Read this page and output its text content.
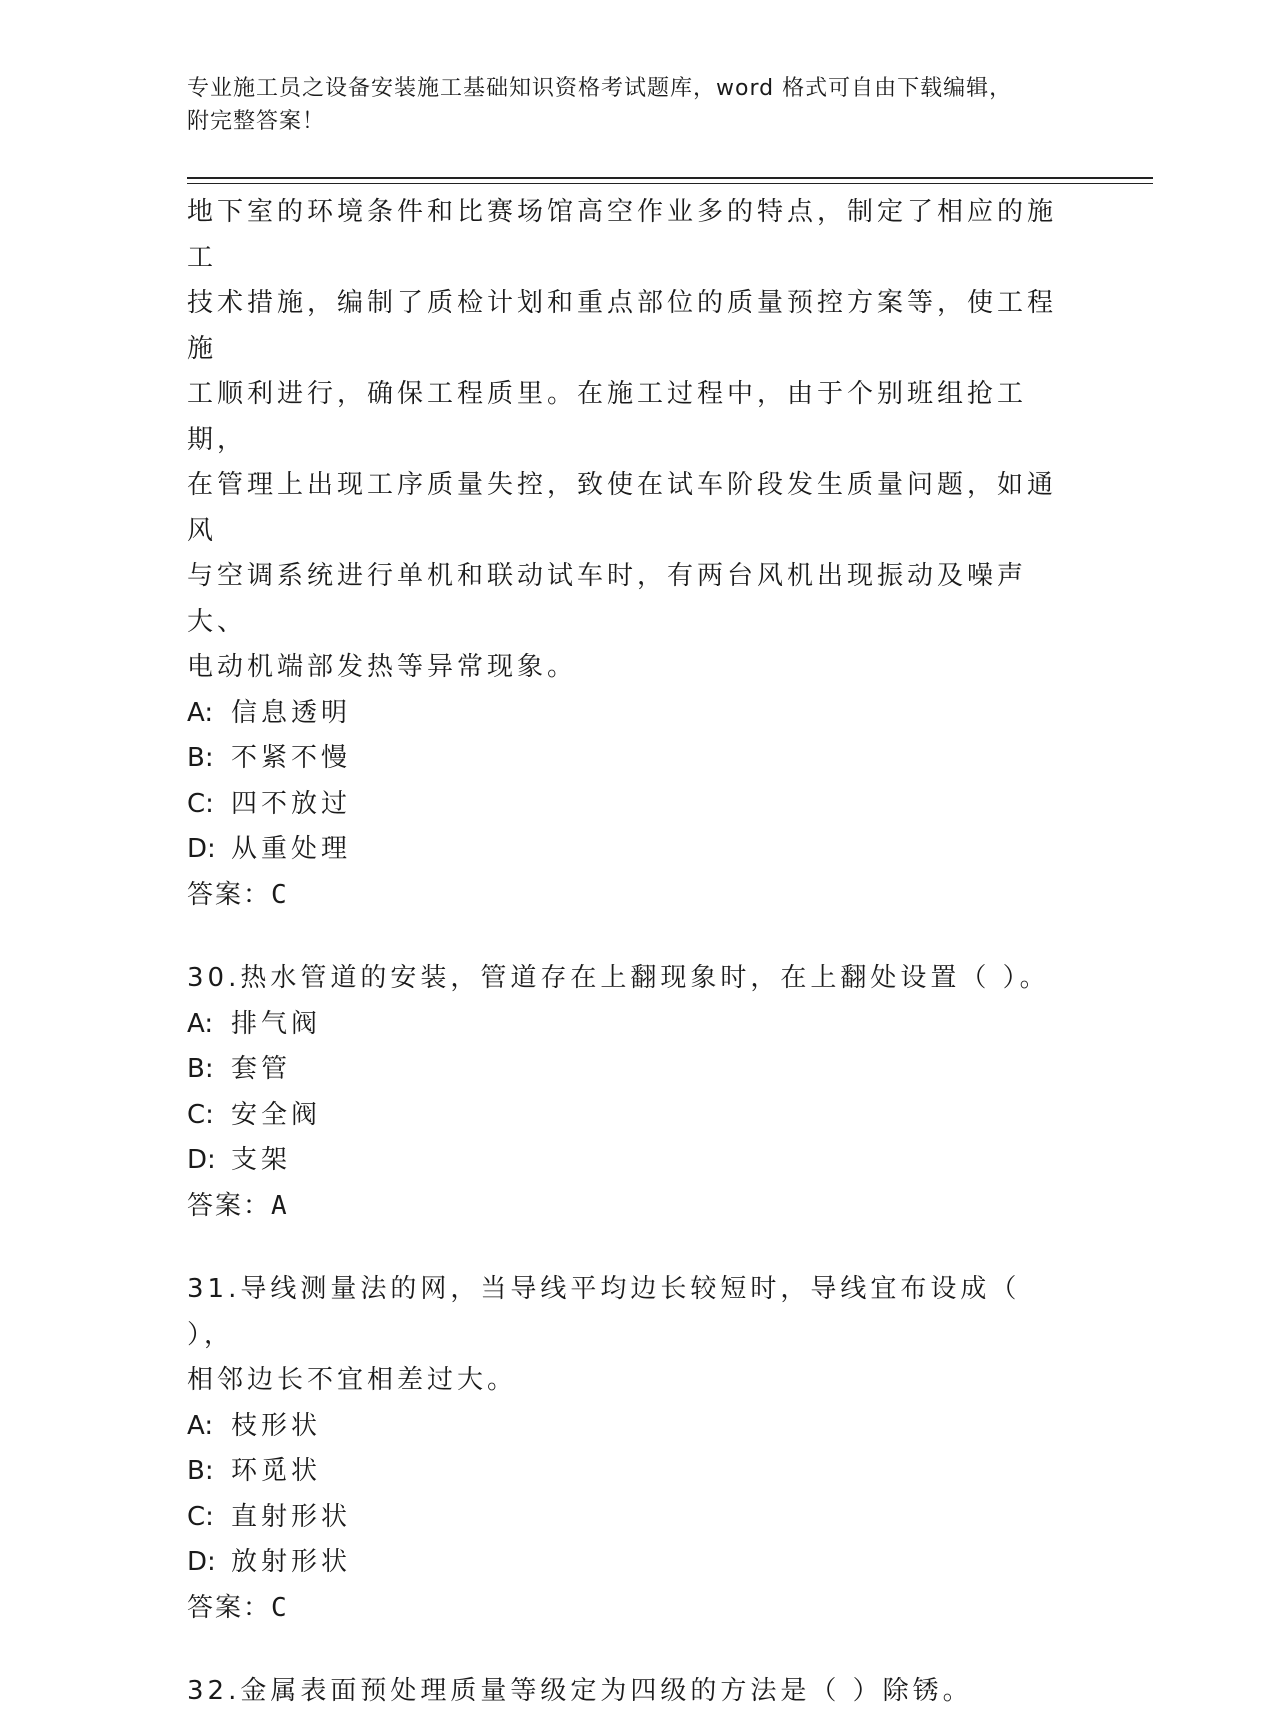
专业施工员之设备安装施工基础知识资格考试题库，word 格式可自由下载编辑，
附完整答案！

地下室的环境条件和比赛场馆高空作业多的特点，制定了相应的施工

技术措施，编制了质检计划和重点部位的质量预控方案等，使工程施

工顺利进行，确保工程质里。在施工过程中，由于个别班组抢工期，

在管理上出现工序质量失控，致使在试车阶段发生质量问题，如通风

与空调系统进行单机和联动试车时，有两台风机出现振动及噪声大、

电动机端部发热等异常现象。

A: 信息透明

B: 不紧不慢

C: 四不放过

D: 从重处理

答案：C

30.热水管道的安装，管道存在上翻现象时，在上翻处设置（ ）。

A: 排气阀

B: 套管

C: 安全阀

D: 支架

答案：A

31.导线测量法的网，当导线平均边长较短时，导线宜布设成（ ），

相邻边长不宜相差过大。

A: 枝形状

B: 环觅状

C: 直射形状

D: 放射形状

答案：C

32.金属表面预处理质量等级定为四级的方法是（ ）除锈。
